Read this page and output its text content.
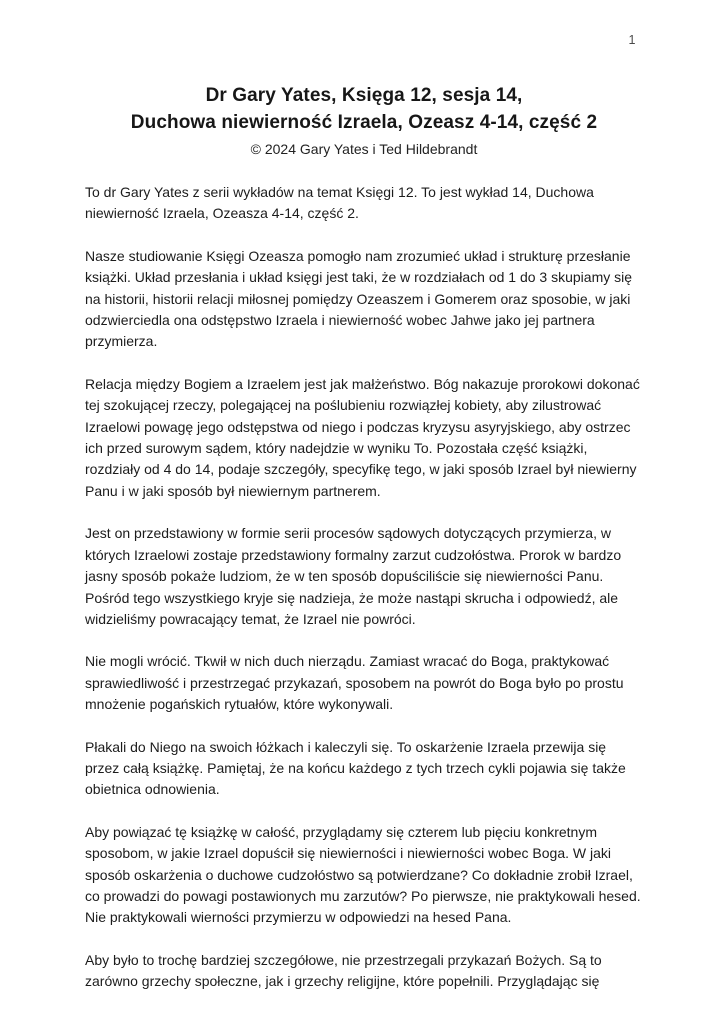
1
Dr Gary Yates, Księga 12, sesja 14,
Duchowa niewierność Izraela, Ozeasz 4-14, część 2
© 2024 Gary Yates i Ted Hildebrandt

To dr Gary Yates z serii wykładów na temat Księgi 12. To jest wykład 14, Duchowa niewierność Izraela, Ozeasza 4-14, część 2.

Nasze studiowanie Księgi Ozeasza pomogło nam zrozumieć układ i strukturę przesłanie książki. Układ przesłania i układ księgi jest taki, że w rozdziałach od 1 do 3 skupiamy się na historii, historii relacji miłosnej pomiędzy Ozeaszem i Gomerem oraz sposobie, w jaki odzwierciedla ona odstępstwo Izraela i niewierność wobec Jahwe jako jej partnera przymierza.

Relacja między Bogiem a Izraelem jest jak małżeństwo. Bóg nakazuje prorokowi dokonać tej szokującej rzeczy, polegającej na poślubieniu rozwiązłej kobiety, aby zilustrować Izraelowi powagę jego odstępstwa od niego i podczas kryzysu asyryjskiego, aby ostrzec ich przed surowym sądem, który nadejdzie w wyniku To. Pozostała część książki, rozdziały od 4 do 14, podaje szczegóły, specyfikę tego, w jaki sposób Izrael był niewierny Panu i w jaki sposób był niewiernym partnerem.

Jest on przedstawiony w formie serii procesów sądowych dotyczących przymierza, w których Izraelowi zostaje przedstawiony formalny zarzut cudzołóstwa. Prorok w bardzo jasny sposób pokaże ludziom, że w ten sposób dopuściliście się niewierności Panu. Pośród tego wszystkiego kryje się nadzieja, że może nastąpi skrucha i odpowiedź, ale widzieliśmy powracający temat, że Izrael nie powróci.

Nie mogli wrócić. Tkwił w nich duch nierządu. Zamiast wracać do Boga, praktykować sprawiedliwość i przestrzegać przykazań, sposobem na powrót do Boga było po prostu mnożenie pogańskich rytuałów, które wykonywali.

Płakali do Niego na swoich łóżkach i kaleczyli się. To oskarżenie Izraela przewija się przez całą książkę. Pamiętaj, że na końcu każdego z tych trzech cykli pojawia się także obietnica odnowienia.

Aby powiązać tę książkę w całość, przyglądamy się czterem lub pięciu konkretnym sposobom, w jakie Izrael dopuścił się niewierności i niewierności wobec Boga. W jaki sposób oskarżenia o duchowe cudzołóstwo są potwierdzane? Co dokładnie zrobił Izrael, co prowadzi do powagi postawionych mu zarzutów? Po pierwsze, nie praktykowali hesed. Nie praktykowali wierności przymierzu w odpowiedzi na hesed Pana.

Aby było to trochę bardziej szczegółowe, nie przestrzegali przykazań Bożych. Są to zarówno grzechy społeczne, jak i grzechy religijne, które popełnili. Przyglądając się
